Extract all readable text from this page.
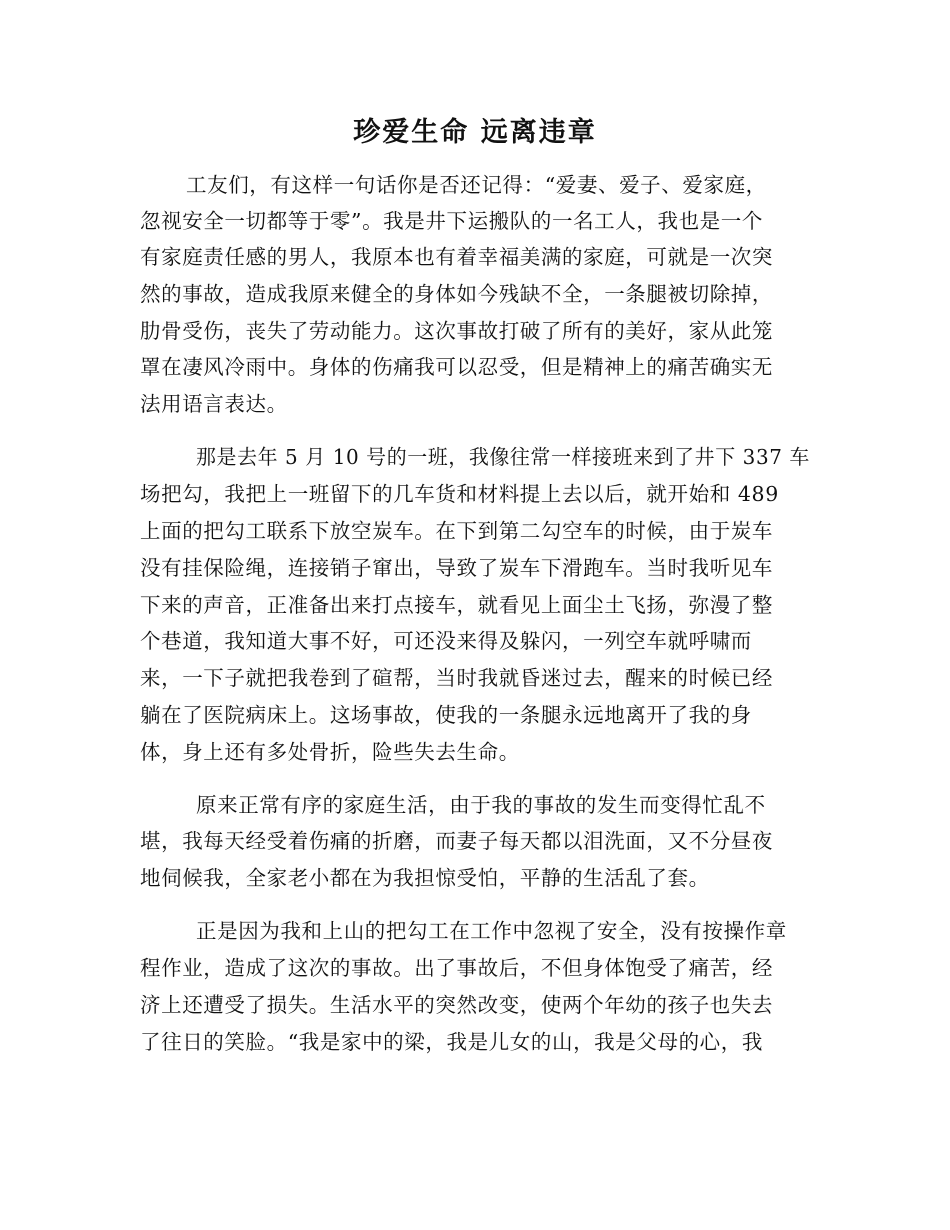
珍爱生命 远离违章
工友们，有这样一句话你是否还记得：“爱妻、爱子、爱家庭，
忽视安全一切都等于零”。我是井下运搬队的一名工人，我也是一个
有家庭责任感的男人，我原本也有着幸福美满的家庭，可就是一次突
然的事故，造成我原来健全的身体如今残缺不全，一条腿被切除掉，
肋骨受伤，丧失了劳动能力。这次事故打破了所有的美好，家从此笼
罩在凄风冷雨中。身体的伤痛我可以忍受，但是精神上的痛苦确实无
法用语言表达。
那是去年 5 月 10 号的一班，我像往常一样接班来到了井下 337 车
场把勾，我把上一班留下的几车货和材料提上去以后，就开始和 489
上面的把勾工联系下放空炭车。在下到第二勾空车的时候，由于炭车
没有挂保险绳，连接销子窜出，导致了炭车下滑跑车。当时我听见车
下来的声音，正准备出来打点接车，就看见上面尘土飞扬，弥漫了整
个巷道，我知道大事不好，可还没来得及躲闪，一列空车就呼啸而
来，一下子就把我卷到了碹帮，当时我就昏迷过去，醒来的时候已经
躺在了医院病床上。这场事故，使我的一条腿永远地离开了我的身
体，身上还有多处骨折，险些失去生命。
原来正常有序的家庭生活，由于我的事故的发生而变得忙乱不
堪，我每天经受着伤痛的折磨，而妻子每天都以泪洗面，又不分昼夜
地伺候我，全家老小都在为我担惊受怕，平静的生活乱了套。
正是因为我和上山的把勾工在工作中忽视了安全，没有按操作章
程作业，造成了这次的事故。出了事故后，不但身体饱受了痛苦，经
济上还遭受了损失。生活水平的突然改变，使两个年幼的孩子也失去
了往日的笑脸。“我是家中的梁，我是儿女的山，我是父母的心，我
